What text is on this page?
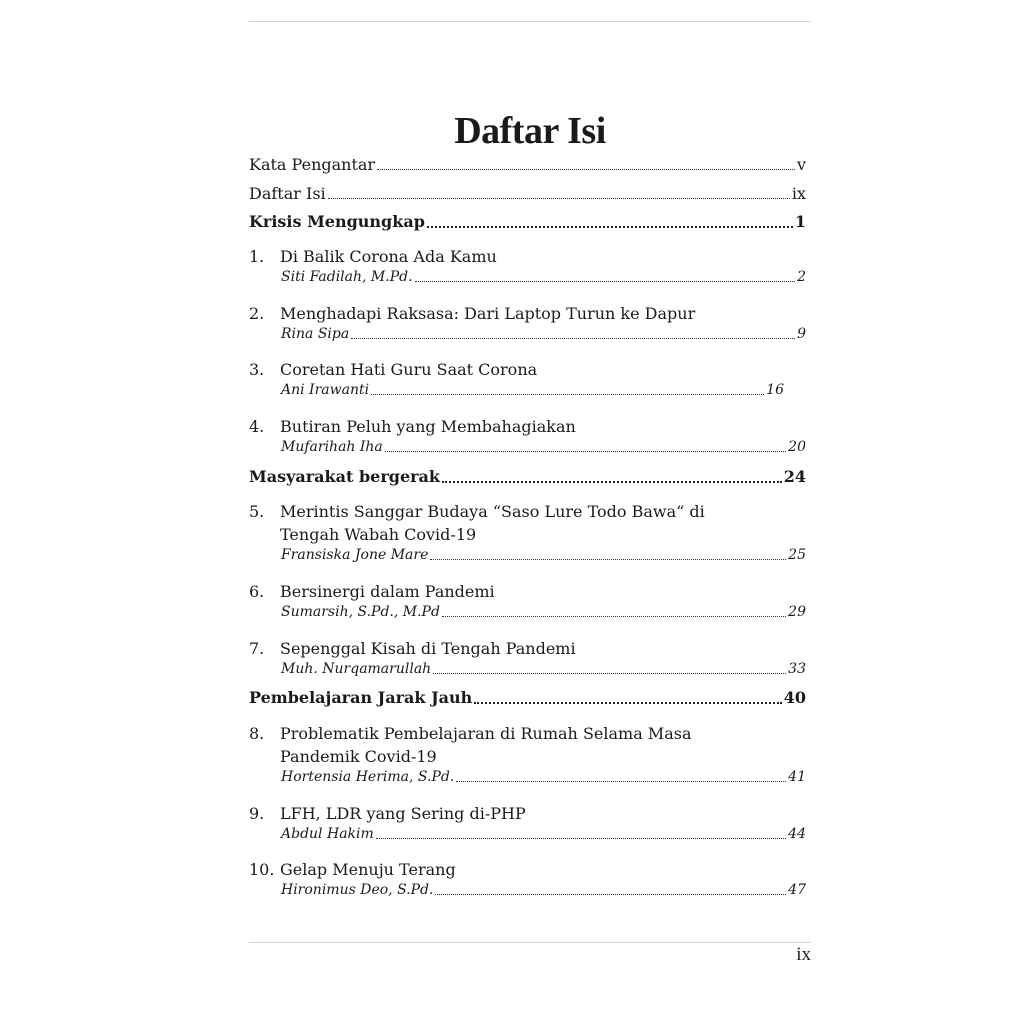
Daftar Isi
Kata Pengantar	v
Daftar Isi	ix
Krisis Mengungkap	1
1. Di Balik Corona Ada Kamu
Siti Fadilah, M.Pd.	2
2. Menghadapi Raksasa: Dari Laptop Turun ke Dapur
Rina Sipa	9
3. Coretan Hati Guru Saat Corona
Ani Irawanti	16
4. Butiran Peluh yang Membahagiakan
Mufarihah Iha	20
Masyarakat bergerak	24
5. Merintis Sanggar Budaya “Saso Lure Todo Bawa“ di Tengah Wabah Covid-19
Fransiska Jone Mare	25
6. Bersinergi dalam Pandemi
Sumarsih, S.Pd., M.Pd	29
7. Sepenggal Kisah di Tengah Pandemi
Muh. Nurqamarullah	33
Pembelajaran Jarak Jauh	40
8. Problematik Pembelajaran di Rumah Selama Masa Pandemik Covid-19
Hortensia Herima, S.Pd.	41
9. LFH, LDR yang Sering di-PHP
Abdul Hakim	44
10. Gelap Menuju Terang
Hironimus Deo, S.Pd.	47
ix
